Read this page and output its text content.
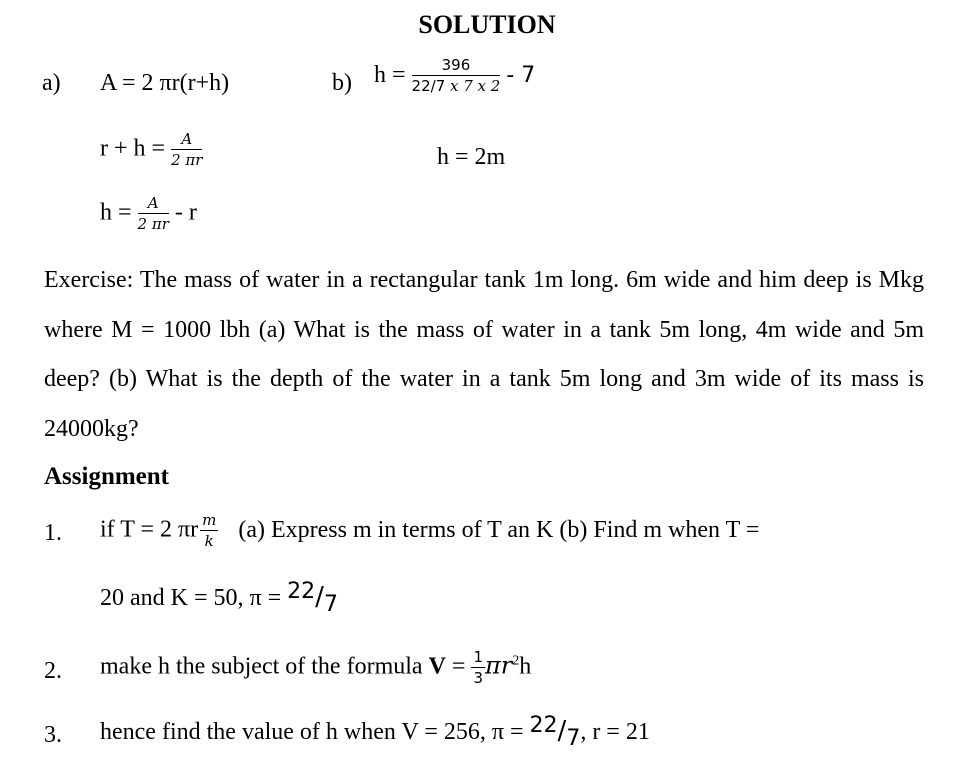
SOLUTION
a) A = 2 πr(r+h)
$r + h = \frac{A}{2 \pi r}$
$h = \frac{A}{2 \pi r} - r$
b) $h = \frac{396}{22/7 x 7 x 2} - 7$
h = 2m
Exercise: The mass of water in a rectangular tank 1m long. 6m wide and him deep is Mkg where M = 1000 lbh (a) What is the mass of water in a tank 5m long, 4m wide and 5m deep? (b) What is the depth of the water in a tank 5m long and 3m wide of its mass is 24000kg?
Assignment
1. if T = 2 πr $\frac{m}{k} (a)$ Express m in terms of T an K (b) Find m when T =
20 and K = 50, π = 22/7
2. make h the subject of the formula $V = \frac{1}{3} \pi r^2h$
3. hence find the value of h when V = 256, π = 22/7, r = 21
